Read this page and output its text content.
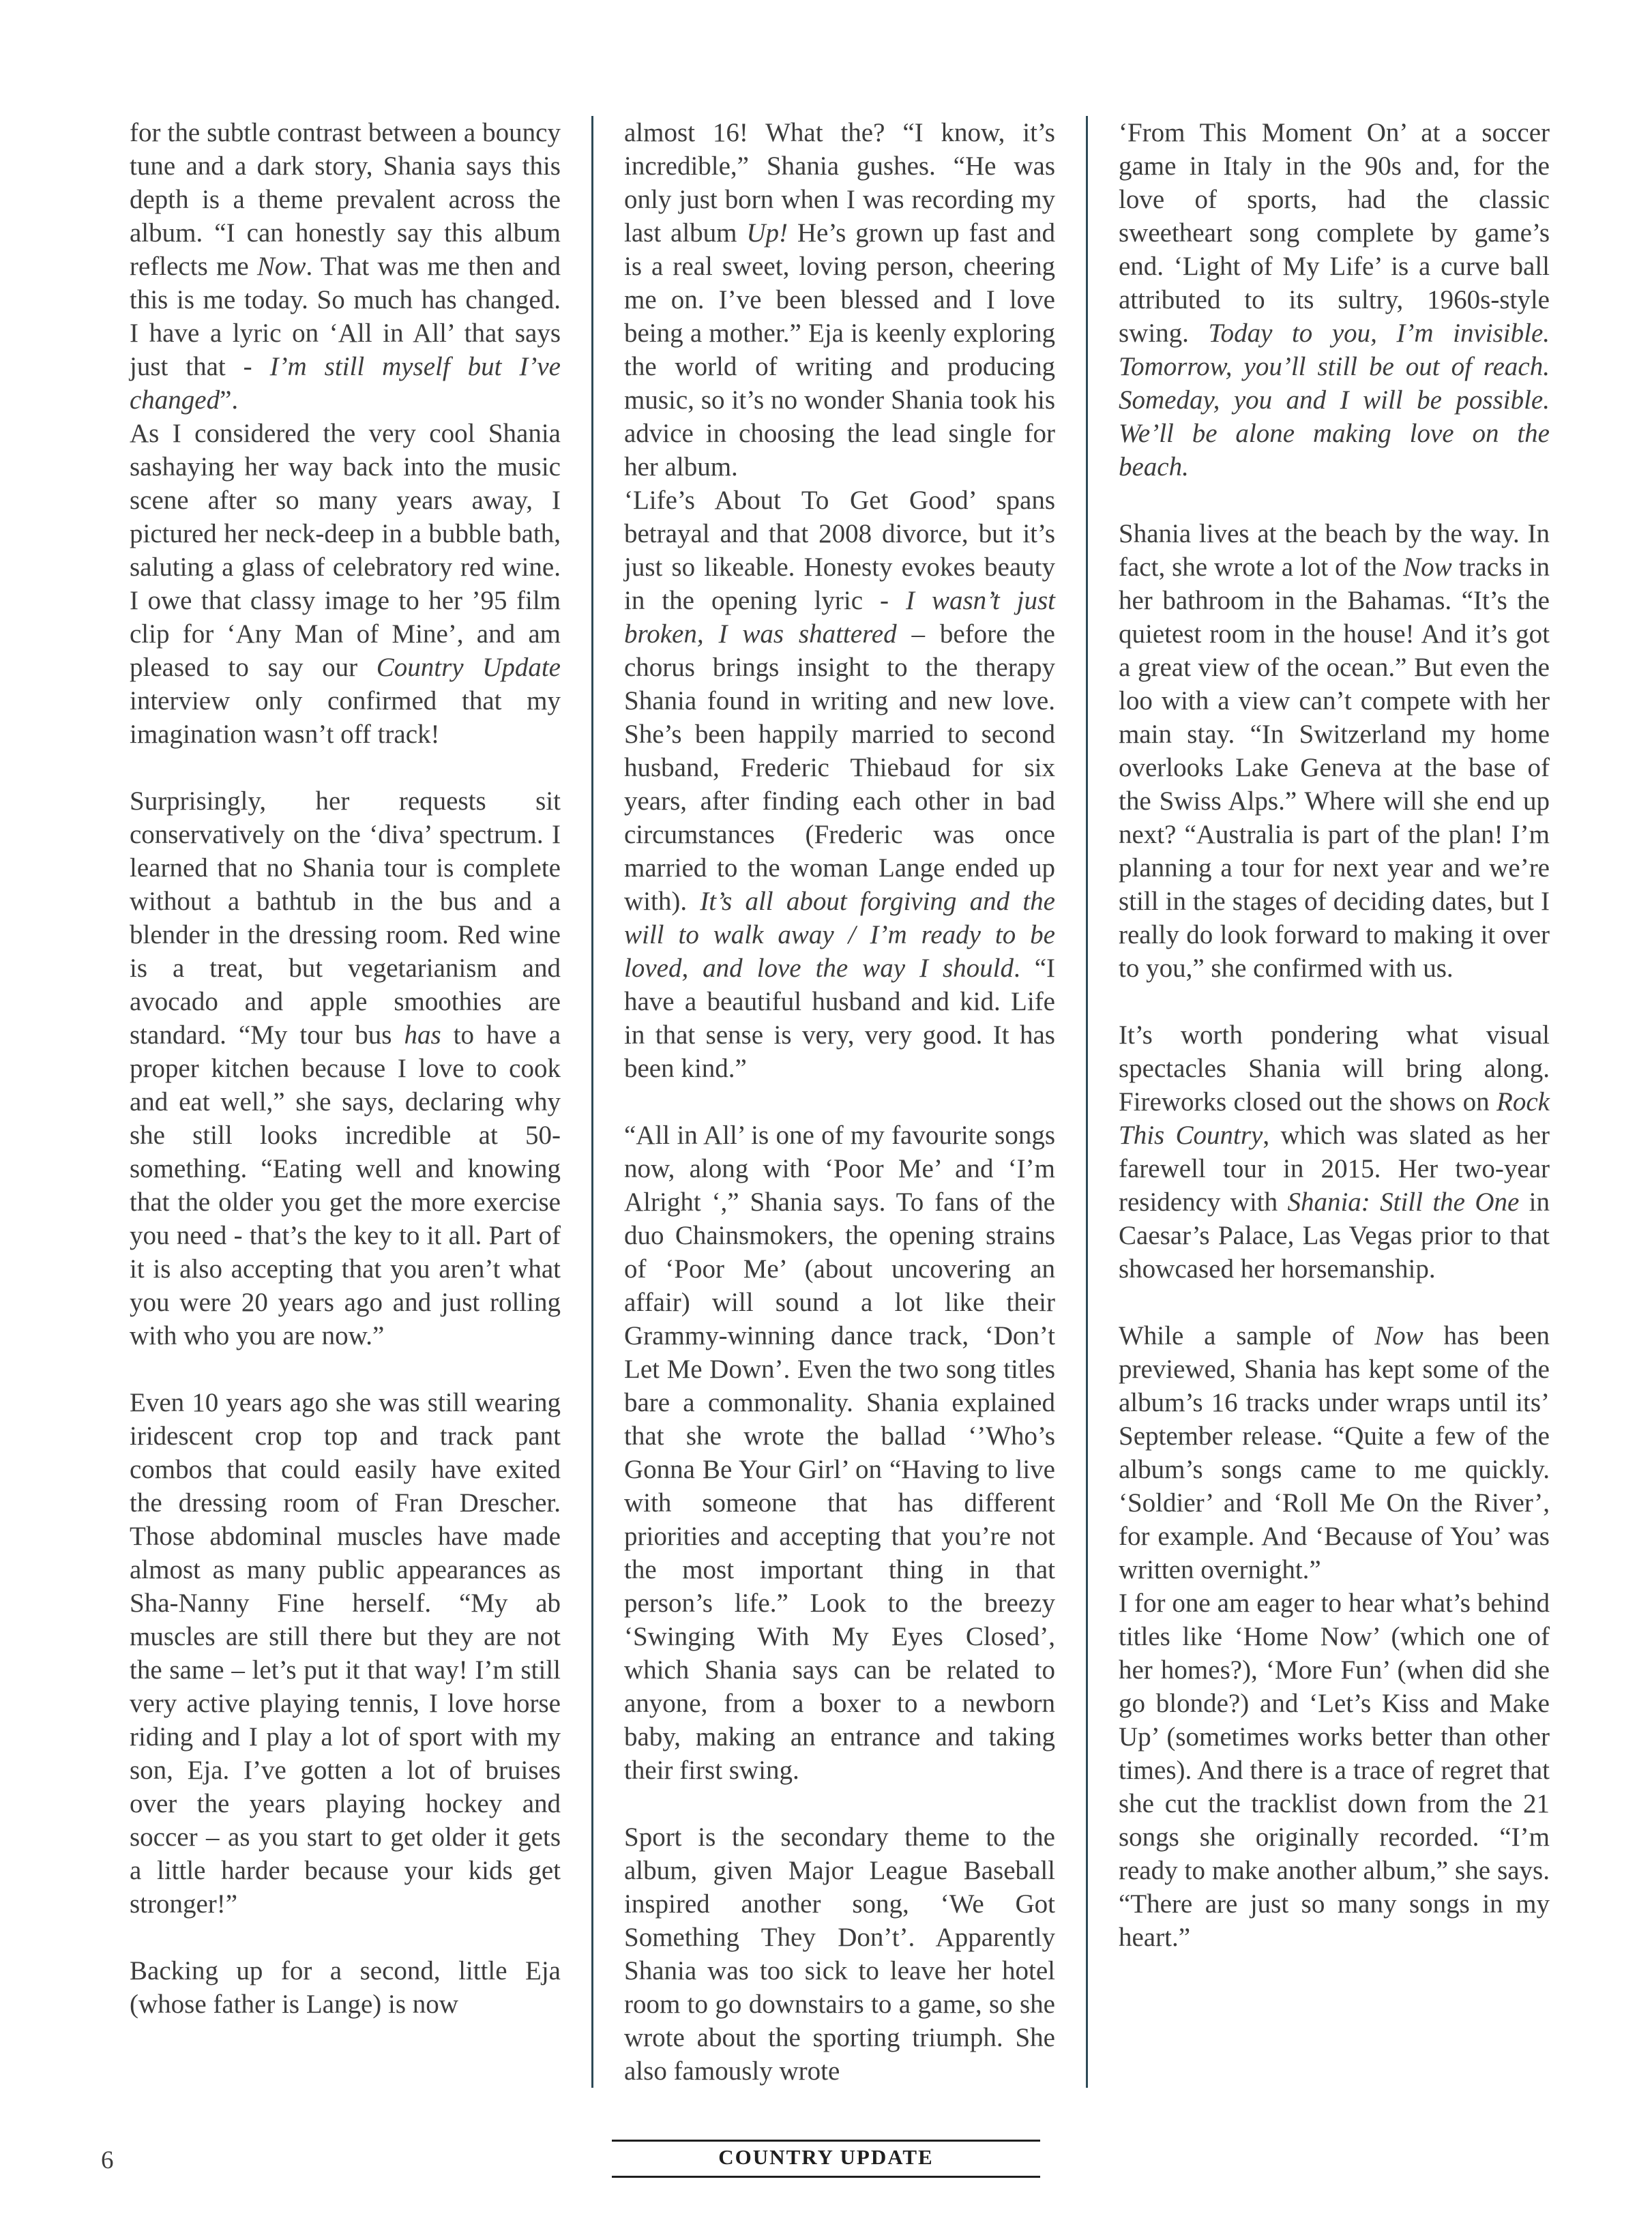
for the subtle contrast between a bouncy tune and a dark story, Shania says this depth is a theme prevalent across the album. “I can honestly say this album reflects me Now. That was me then and this is me today. So much has changed. I have a lyric on ‘All in All’ that says just that - I’m still myself but I’ve changed”.

As I considered the very cool Shania sashaying her way back into the music scene after so many years away, I pictured her neck-deep in a bubble bath, saluting a glass of celebratory red wine. I owe that classy image to her ’95 film clip for ‘Any Man of Mine’, and am pleased to say our Country Update interview only confirmed that my imagination wasn’t off track!

Surprisingly, her requests sit conservatively on the ‘diva’ spectrum. I learned that no Shania tour is complete without a bathtub in the bus and a blender in the dressing room. Red wine is a treat, but vegetarianism and avocado and apple smoothies are standard. “My tour bus has to have a proper kitchen because I love to cook and eat well,” she says, declaring why she still looks incredible at 50-something. “Eating well and knowing that the older you get the more exercise you need - that’s the key to it all. Part of it is also accepting that you aren’t what you were 20 years ago and just rolling with who you are now.”

Even 10 years ago she was still wearing iridescent crop top and track pant combos that could easily have exited the dressing room of Fran Drescher. Those abdominal muscles have made almost as many public appearances as Sha-Nanny Fine herself. “My ab muscles are still there but they are not the same – let’s put it that way! I’m still very active playing tennis, I love horse riding and I play a lot of sport with my son, Eja. I’ve gotten a lot of bruises over the years playing hockey and soccer – as you start to get older it gets a little harder because your kids get stronger!”

Backing up for a second, little Eja (whose father is Lange) is now

almost 16! What the? “I know, it’s incredible,” Shania gushes. “He was only just born when I was recording my last album Up! He’s grown up fast and is a real sweet, loving person, cheering me on. I’ve been blessed and I love being a mother.” Eja is keenly exploring the world of writing and producing music, so it’s no wonder Shania took his advice in choosing the lead single for her album.

‘Life’s About To Get Good’ spans betrayal and that 2008 divorce, but it’s just so likeable. Honesty evokes beauty in the opening lyric - I wasn’t just broken, I was shattered – before the chorus brings insight to the therapy Shania found in writing and new love. She’s been happily married to second husband, Frederic Thiebaud for six years, after finding each other in bad circumstances (Frederic was once married to the woman Lange ended up with). It’s all about forgiving and the will to walk away / I’m ready to be loved, and love the way I should. “I have a beautiful husband and kid. Life in that sense is very, very good. It has been kind.”

“All in All’ is one of my favourite songs now, along with ‘Poor Me’ and ‘I’m Alright ‘,” Shania says. To fans of the duo Chainsmokers, the opening strains of ‘Poor Me’ (about uncovering an affair) will sound a lot like their Grammy-winning dance track, ‘Don’t Let Me Down’. Even the two song titles bare a commonality. Shania explained that she wrote the ballad ‘’Who’s Gonna Be Your Girl’ on “Having to live with someone that has different priorities and accepting that you’re not the most important thing in that person’s life.” Look to the breezy ‘Swinging With My Eyes Closed’, which Shania says can be related to anyone, from a boxer to a newborn baby, making an entrance and taking their first swing.

Sport is the secondary theme to the album, given Major League Baseball inspired another song, ‘We Got Something They Don’t’. Apparently Shania was too sick to leave her hotel room to go downstairs to a game, so she wrote about the sporting triumph. She also famously wrote

‘From This Moment On’ at a soccer game in Italy in the 90s and, for the love of sports, had the classic sweetheart song complete by game’s end. ‘Light of My Life’ is a curve ball attributed to its sultry, 1960s-style swing. Today to you, I’m invisible. Tomorrow, you’ll still be out of reach. Someday, you and I will be possible. We’ll be alone making love on the beach.

Shania lives at the beach by the way. In fact, she wrote a lot of the Now tracks in her bathroom in the Bahamas. “It’s the quietest room in the house! And it’s got a great view of the ocean.” But even the loo with a view can’t compete with her main stay. “In Switzerland my home overlooks Lake Geneva at the base of the Swiss Alps.” Where will she end up next? “Australia is part of the plan! I’m planning a tour for next year and we’re still in the stages of deciding dates, but I really do look forward to making it over to you,” she confirmed with us.

It’s worth pondering what visual spectacles Shania will bring along. Fireworks closed out the shows on Rock This Country, which was slated as her farewell tour in 2015. Her two-year residency with Shania: Still the One in Caesar’s Palace, Las Vegas prior to that showcased her horsemanship.

While a sample of Now has been previewed, Shania has kept some of the album’s 16 tracks under wraps until its’ September release. “Quite a few of the album’s songs came to me quickly. ‘Soldier’ and ‘Roll Me On the River’, for example. And ‘Because of You’ was written overnight.”

I for one am eager to hear what’s behind titles like ‘Home Now’ (which one of her homes?), ‘More Fun’ (when did she go blonde?) and ‘Let’s Kiss and Make Up’ (sometimes works better than other times). And there is a trace of regret that she cut the tracklist down from the 21 songs she originally recorded. “I’m ready to make another album,” she says. “There are just so many songs in my heart.”

6	COUNTRY UPDATE
